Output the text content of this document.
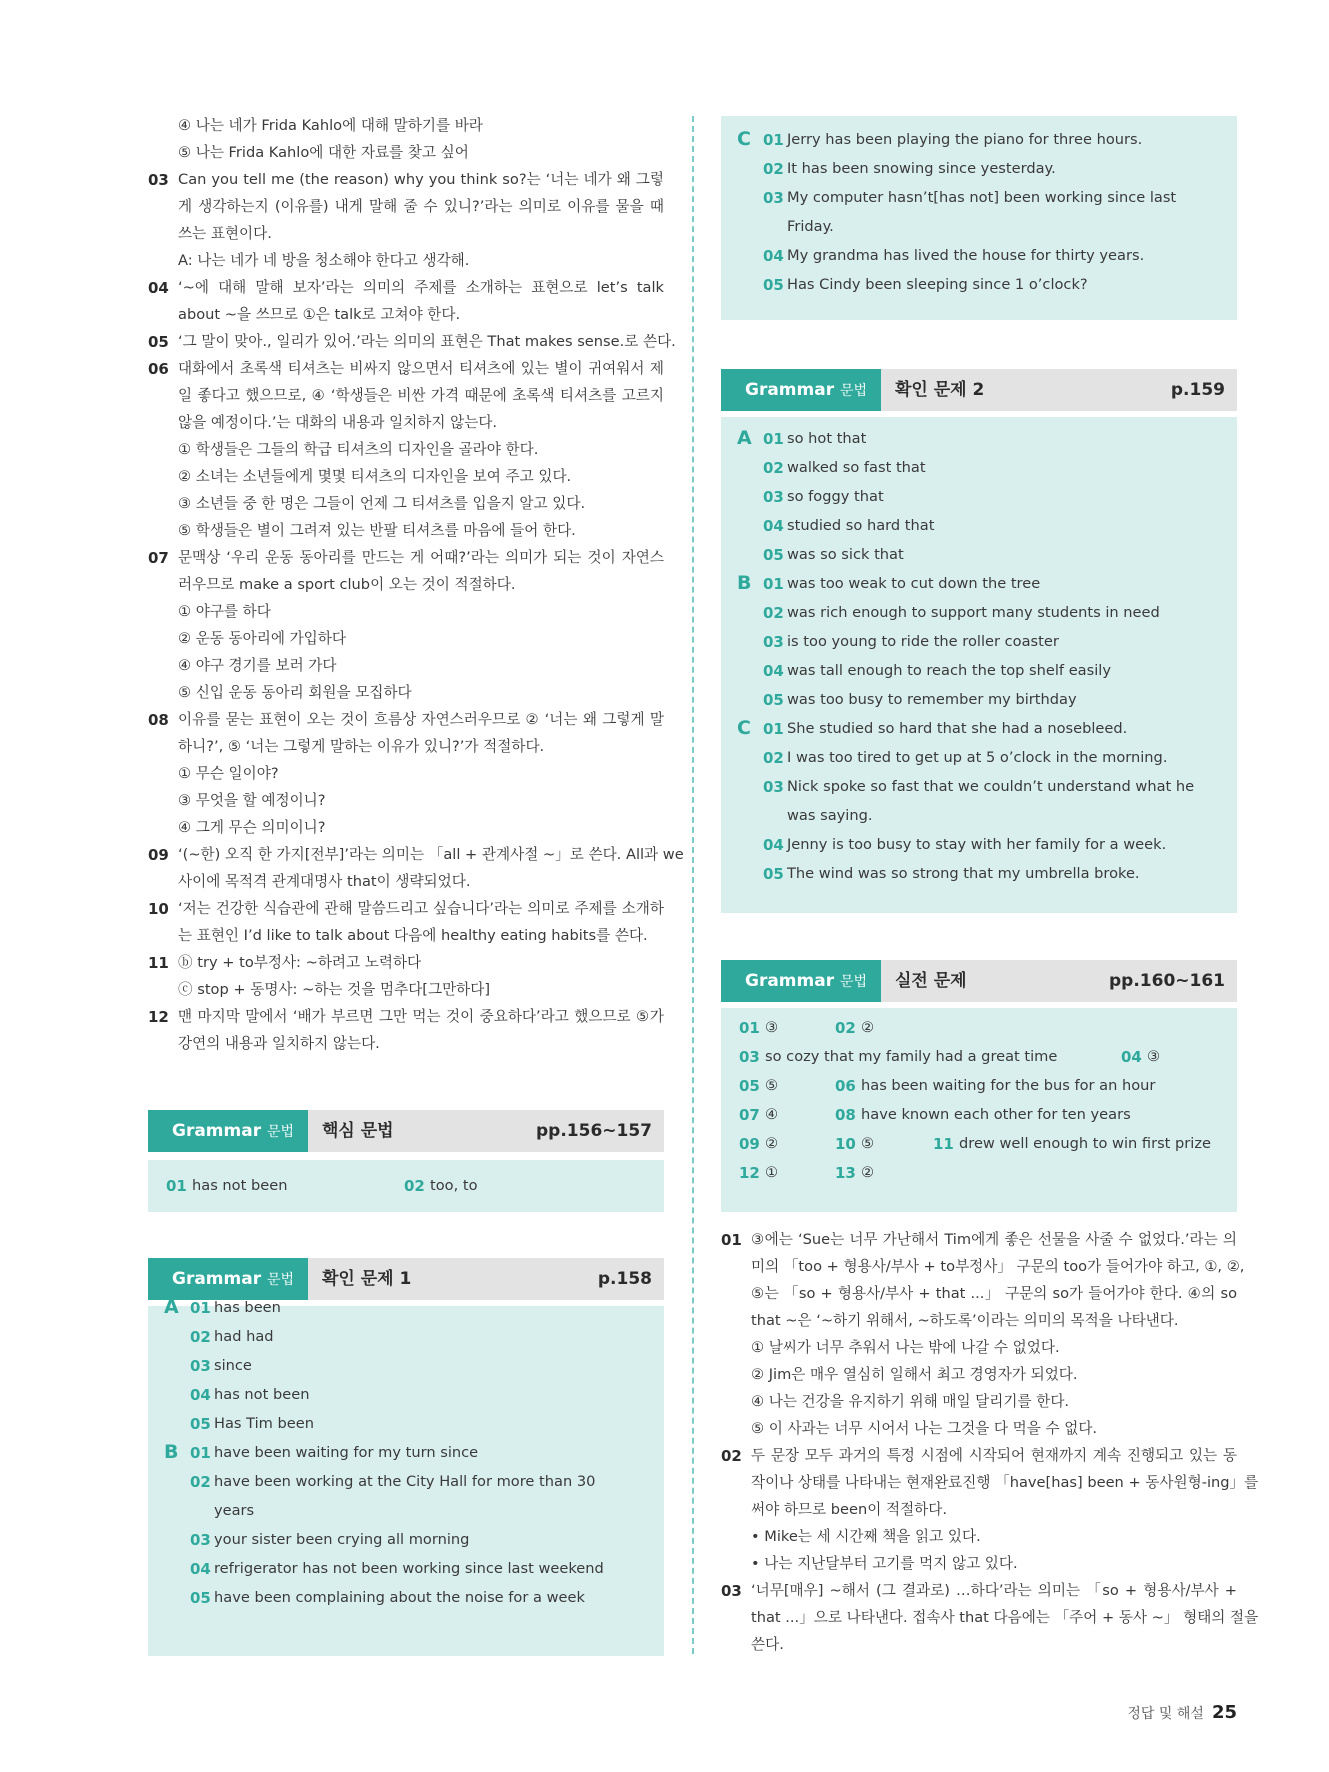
④ 나는 네가 Frida Kahlo에 대해 말하기를 바라
⑤ 나는 Frida Kahlo에 대한 자료를 찾고 싶어
03 Can you tell me (the reason) why you think so?는 ‘너는 네가 왜 그렇
게 생각하는지 (이유를) 내게 말해 줄 수 있니?’라는 의미로 이유를 물을 때
쓰는 표현이다.
A: 나는 네가 네 방을 청소해야 한다고 생각해.
04 ‘~에 대해 말해 보자’라는 의미의 주제를 소개하는 표현으로 let’s talk
about ~을 쓰므로 ①은 talk로 고쳐야 한다.
05 ‘그 말이 맞아., 일리가 있어.’라는 의미의 표현은 That makes sense.로 쓴다.
06 대화에서 초록색 티셔츠는 비싸지 않으면서 티셔츠에 있는 별이 귀여워서 제
일 좋다고 했으므로, ④ ‘학생들은 비싼 가격 때문에 초록색 티셔츠를 고르지
않을 예정이다.’는 대화의 내용과 일치하지 않는다.
① 학생들은 그들의 학급 티셔츠의 디자인을 골라야 한다.
② 소녀는 소년들에게 몇몇 티셔츠의 디자인을 보여 주고 있다.
③ 소년들 중 한 명은 그들이 언제 그 티셔츠를 입을지 알고 있다.
⑤ 학생들은 별이 그려져 있는 반팔 티셔츠를 마음에 들어 한다.
07 문맥상 ‘우리 운동 동아리를 만드는 게 어때?’라는 의미가 되는 것이 자연스
러우므로 make a sport club이 오는 것이 적절하다.
① 야구를 하다
② 운동 동아리에 가입하다
④ 야구 경기를 보러 가다
⑤ 신입 운동 동아리 회원을 모집하다
08 이유를 묻는 표현이 오는 것이 흐름상 자연스러우므로 ② ‘너는 왜 그렇게 말
하니?’, ⑤ ‘너는 그렇게 말하는 이유가 있니?’가 적절하다.
① 무슨 일이야?
③ 무엇을 할 예정이니?
④ 그게 무슨 의미이니?
09 ‘(~한) 오직 한 가지[전부]’라는 의미는 「all + 관계사절 ~」로 쓴다. All과 we
사이에 목적격 관계대명사 that이 생략되었다.
10 ‘저는 건강한 식습관에 관해 말씀드리고 싶습니다’라는 의미로 주제를 소개하
는 표현인 I’d like to talk about 다음에 healthy eating habits를 쓴다.
11 ⓑ try + to부정사: ~하려고 노력하다
ⓒ stop + 동명사: ~하는 것을 멈추다[그만하다]
12 맨 마지막 말에서 ‘배가 부르면 그만 먹는 것이 중요하다’라고 했으므로 ⑤가
강연의 내용과 일치하지 않는다.
Grammar 문법	핵심 문법	pp.156~157
01 has not been	02 too, to
Grammar 문법	확인 문제 1	p.158
A 01 has been
02 had had
03 since
04 has not been
05 Has Tim been
B 01 have been waiting for my turn since
02 have been working at the City Hall for more than 30
years
03 your sister been crying all morning
04 refrigerator has not been working since last weekend
05 have been complaining about the noise for a week
C 01 Jerry has been playing the piano for three hours.
02 It has been snowing since yesterday.
03 My computer hasn’t[has not] been working since last
Friday.
04 My grandma has lived the house for thirty years.
05 Has Cindy been sleeping since 1 o’clock?
Grammar 문법	확인 문제 2	p.159
A 01 so hot that
02 walked so fast that
03 so foggy that
04 studied so hard that
05 was so sick that
B 01 was too weak to cut down the tree
02 was rich enough to support many students in need
03 is too young to ride the roller coaster
04 was tall enough to reach the top shelf easily
05 was too busy to remember my birthday
C 01 She studied so hard that she had a nosebleed.
02 I was too tired to get up at 5 o’clock in the morning.
03 Nick spoke so fast that we couldn’t understand what he
was saying.
04 Jenny is too busy to stay with her family for a week.
05 The wind was so strong that my umbrella broke.
Grammar 문법	실전 문제	pp.160~161
01 ③	02 ②
03 so cozy that my family had a great time	04 ③
05 ⑤	06 has been waiting for the bus for an hour
07 ④	08 have known each other for ten years
09 ②	10 ⑤	11 drew well enough to win first prize
12 ①	13 ②
01 ③에는 ‘Sue는 너무 가난해서 Tim에게 좋은 선물을 사줄 수 없었다.’라는 의
미의 「too + 형용사/부사 + to부정사」 구문의 too가 들어가야 하고, ①, ②,
⑤는 「so + 형용사/부사 + that ...」 구문의 so가 들어가야 한다. ④의 so
that ~은 ‘~하기 위해서, ~하도록’이라는 의미의 목적을 나타낸다.
① 날씨가 너무 추워서 나는 밖에 나갈 수 없었다.
② Jim은 매우 열심히 일해서 최고 경영자가 되었다.
④ 나는 건강을 유지하기 위해 매일 달리기를 한다.
⑤ 이 사과는 너무 시어서 나는 그것을 다 먹을 수 없다.
02 두 문장 모두 과거의 특정 시점에 시작되어 현재까지 계속 진행되고 있는 동
작이나 상태를 나타내는 현재완료진행 「have[has] been + 동사원형-ing」를
써야 하므로 been이 적절하다.
• Mike는 세 시간째 책을 읽고 있다.
• 나는 지난달부터 고기를 먹지 않고 있다.
03 ‘너무[매우] ~해서 (그 결과로) …하다’라는 의미는 「so + 형용사/부사 +
that ...」으로 나타낸다. 접속사 that 다음에는 「주어 + 동사 ~」 형태의 절을
쓴다.
정답 및 해설 25
